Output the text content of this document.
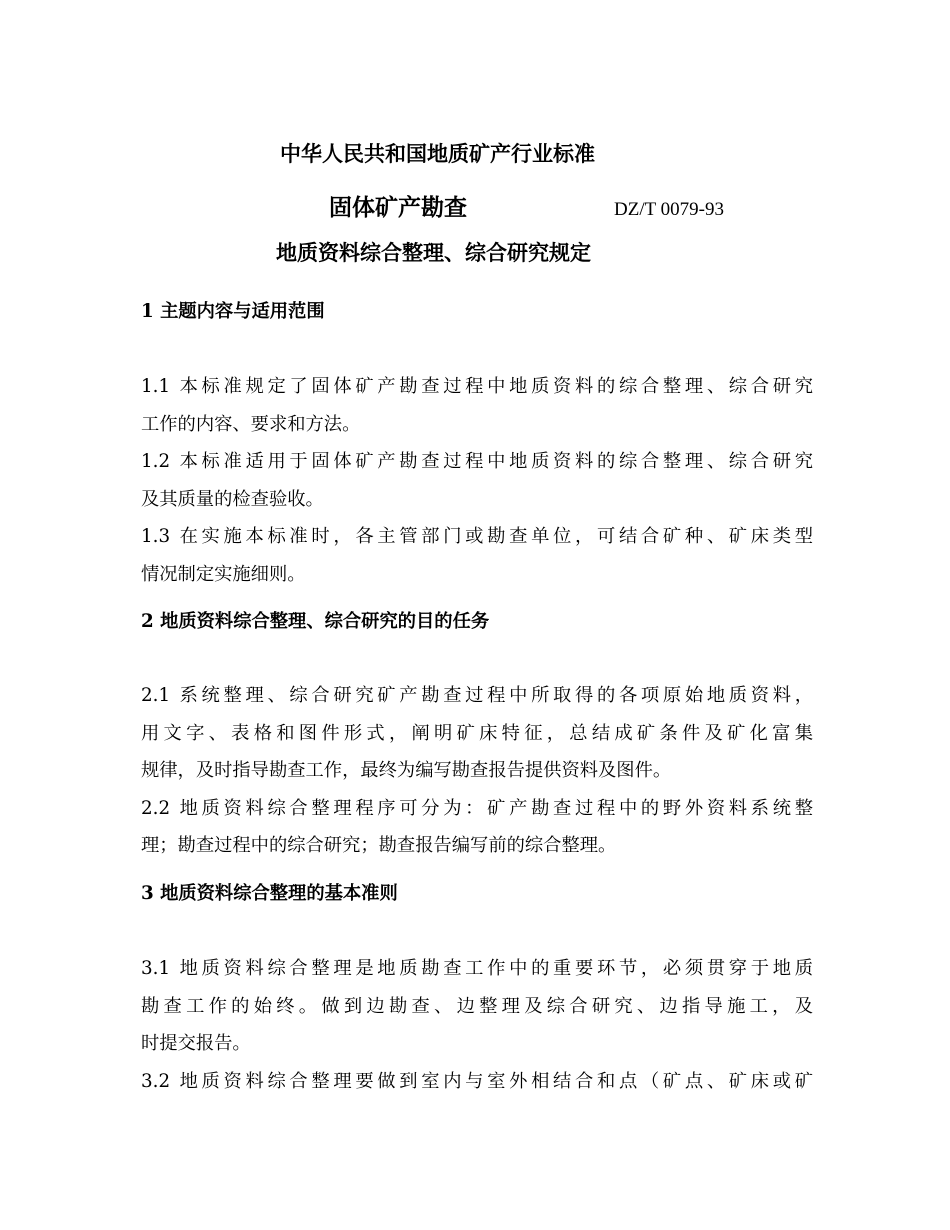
中华人民共和国地质矿产行业标准
固体矿产勘查	DZ/T 0079-93
地质资料综合整理、综合研究规定
1 主题内容与适用范围
1.1 本标准规定了固体矿产勘查过程中地质资料的综合整理、综合研究
工作的内容、要求和方法。
1.2 本标准适用于固体矿产勘查过程中地质资料的综合整理、综合研究
及其质量的检查验收。
1.3 在实施本标准时，各主管部门或勘查单位，可结合矿种、矿床类型
情况制定实施细则。
2 地质资料综合整理、综合研究的目的任务
2.1 系统整理、综合研究矿产勘查过程中所取得的各项原始地质资料，
用文字、表格和图件形式，阐明矿床特征，总结成矿条件及矿化富集
规律，及时指导勘查工作，最终为编写勘查报告提供资料及图件。
2.2 地质资料综合整理程序可分为：矿产勘查过程中的野外资料系统整
理；勘查过程中的综合研究；勘查报告编写前的综合整理。
3 地质资料综合整理的基本准则
3.1 地质资料综合整理是地质勘查工作中的重要环节，必须贯穿于地质
勘查工作的始终。做到边勘查、边整理及综合研究、边指导施工，及
时提交报告。
3.2 地质资料综合整理要做到室内与室外相结合和点（矿点、矿床或矿
